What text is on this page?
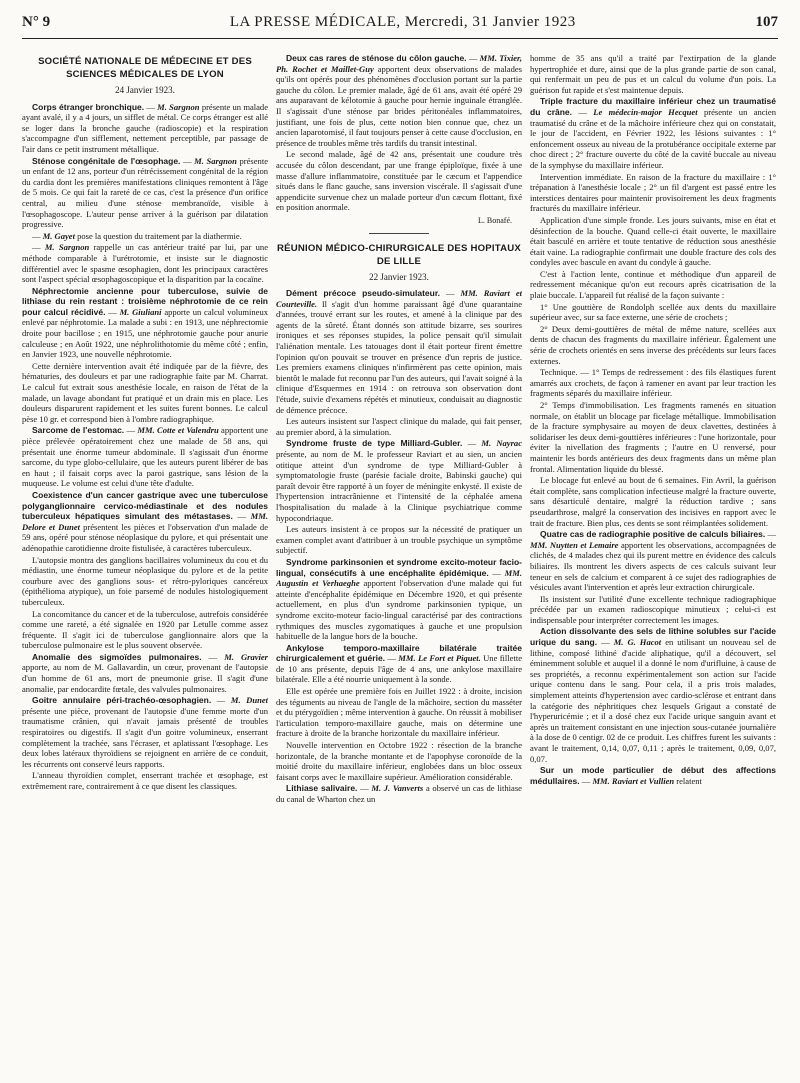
N° 9	LA PRESSE MÉDICALE, Mercredi, 31 Janvier 1923	107
SOCIÉTÉ NATIONALE DE MÉDECINE ET DES SCIENCES MÉDICALES DE LYON
24 Janvier 1923.

Corps étranger bronchique. — M. Sargnon présente un malade ayant avalé, il y a 4 jours, un sifflet de métal. Ce corps étranger est allé se loger dans la bronche gauche (radioscopie) et la respiration s'accompagne d'un sifflement, nettement perceptible, par passage de l'air dans ce petit instrument métallique.

Sténose congénitale de l'œsophage. — M. Sargnon présente un enfant de 12 ans, porteur d'un rétrécissement congénital de la région du cardia dont les premières manifestations cliniques remontent à l'âge de 5 mois. Ce qui fait la rareté de ce cas, c'est la présence d'un orifice central, au milieu d'une sténose membranoïde, visible à l'œsophagoscope. L'auteur pense arriver à la guérison par dilatation progressive.

— M. Gayet pose la question du traitement par la diathermie.

— M. Sargnon rappelle un cas antérieur traité par lui, par une méthode comparable à l'urétrotomie, et insiste sur le diagnostic différentiel avec le spasme œsophagien, dont les principaux caractères sont l'aspect spécial œsophagoscopique et la disparition par la cocaïne.

Néphrectomie ancienne pour tuberculose, suivie de lithiase du rein restant : troisième néphrotomie de ce rein pour calcul récidivé. — M. Giuliani apporte un calcul volumineux enlevé par néphrotomie. La malade a subi : en 1913, une néphrectomie droite pour bacillose ; en 1915, une néphrotomie gauche pour anurie calculeuse ; en Août 1922, une néphrolithotomie du même côté ; enfin, en Janvier 1923, une nouvelle néphrotomie.

Cette dernière intervention avait été indiquée par de la fièvre, des hématuries, des douleurs et par une radiographie faite par M. Charrat. Le calcul fut extrait sous anesthésie locale, en raison de l'état de la malade, un lavage abondant fut pratiqué et un drain mis en place. Les douleurs disparurent rapidement et les suites furent bonnes. Le calcul pèse 10 gr. et correspond bien à l'ombre radiographique.

Sarcome de l'estomac. — MM. Cotte et Valendru apportent une pièce prélevée opératoirement chez une malade de 58 ans, qui présentait une énorme tumeur abdominale. Il s'agissait d'un énorme sarcome, du type globo-cellulaire, que les auteurs purent libérer de bas en haut ; il faisait corps avec la paroi gastrique, sans lésion de la muqueuse. Le volume est celui d'une tête d'adulte.

Coexistence d'un cancer gastrique avec une tuberculose polyganglionnaire cervico-médiastinale et des nodules tuberculeux hépatiques simulant des métastases. — MM. Delore et Dunet présentent les pièces et l'observation d'un malade de 59 ans, opéré pour sténose néoplasique du pylore, et qui présentait une adénopathie carotidienne droite fistulisée, à caractères tuberculeux.

L'autopsie montra des ganglions bacillaires volumineux du cou et du médiastin, une énorme tumeur néoplasique du pylore et de la petite courbure avec des ganglions sous- et rétro-pyloriques cancéreux (épithélioma atypique), un foie parsemé de nodules histologiquement tuberculeux.

La concomitance du cancer et de la tuberculose, autrefois considérée comme une rareté, a été signalée en 1920 par Letulle comme assez fréquente. Il s'agit ici de tuberculose ganglionnaire alors que la tuberculose pulmonaire est le plus souvent observée.

Anomalie des sigmoïdes pulmonaires. — M. Gravier apporte, au nom de M. Gallavardin, un cœur, provenant de l'autopsie d'un homme de 61 ans, mort de pneumonie grise. Il s'agit d'une anomalie, par endocardite fœtale, des valvules pulmonaires.

Goitre annulaire péri-trachéo-œsophagien. — M. Dunet présente une pièce, provenant de l'autopsie d'une femme morte d'un traumatisme crânien, qui n'avait jamais présenté de troubles respiratoires ou digestifs. Il s'agit d'un goitre volumineux, enserrant complètement la trachée, sans l'écraser, et aplatissant l'œsophage. Les deux lobes latéraux thyroïdiens se rejoignent en arrière de ce conduit, les récurrents ont conservé leurs rapports.

L'anneau thyroïdien complet, enserrant trachée et œsophage, est extrêmement rare, contrairement à ce que disent les classiques.

Deux cas rares de sténose du côlon gauche. — MM. Tixier, Ph. Rochet et Maillet-Guy apportent deux observations de malades qu'ils ont opérés pour des phénomènes d'occlusion portant sur la partie gauche du côlon. Le premier malade, âgé de 61 ans, avait été opéré 29 ans auparavant de kélotomie à gauche pour hernie inguinale étranglée. Il s'agissait d'une sténose par brides péritonéales inflammatoires, justifiant, une fois de plus, cette notion bien connue que, chez un ancien laparotomisé, il faut toujours penser à cette cause d'occlusion, en présence de troubles même très tardifs du transit intestinal.

Le second malade, âgé de 42 ans, présentait une coudure très accusée du côlon descendant, par une frange épiploïque, fixée à une masse d'allure inflammatoire, constituée par le cæcum et l'appendice situés dans le flanc gauche, sans inversion viscérale. Il s'agissait d'une appendicite survenue chez un malade porteur d'un cæcum flottant, fixé en position anormale.

L. Bonafé.
RÉUNION MÉDICO-CHIRURGICALE DES HOPITAUX DE LILLE
22 Janvier 1923.

Dément précoce pseudo-simulateur. — MM. Raviart et Courteville. Il s'agit d'un homme paraissant âgé d'une quarantaine d'années, trouvé errant sur les routes, et amené à la clinique par des agents de la sûreté. Étant donnés son attitude bizarre, ses sourires ironiques et ses réponses stupides, la police pensait qu'il simulait l'aliénation mentale. Les tatouages dont il était porteur firent émettre l'opinion qu'on pouvait se trouver en présence d'un repris de justice. Les premiers examens cliniques n'infirmèrent pas cette opinion, mais bientôt le malade fut reconnu par l'un des auteurs, qui l'avait soigné à la clinique d'Esquermes en 1914 : on retrouva son observation dont l'étude, suivie d'examens répétés et minutieux, conduisait au diagnostic de démence précoce.

Les auteurs insistent sur l'aspect clinique du malade, qui fait penser, au premier abord, à la simulation.

Syndrome fruste de type Milliard-Gubler. — M. Nayrac présente, au nom de M. le professeur Raviart et au sien, un ancien otitique atteint d'un syndrome de type Milliard-Gubler à symptomatologie fruste (parésie faciale droite, Babinski gauche) qui paraît devoir être rapporté à un foyer de méningite enkysté. Il existe de l'hypertension intracrânienne et l'intensité de la céphalée amena l'hospitalisation du malade à la Clinique psychiatrique comme hypocondriaque.

Les auteurs insistent à ce propos sur la nécessité de pratiquer un examen complet avant d'attribuer à un trouble psychique un symptôme subjectif.

Syndrome parkinsonien et syndrome excito-moteur facio-lingual, consécutifs à une encéphalite épidémique. — MM. Augustin et Verhaeghe apportent l'observation d'une malade qui fut atteinte d'encéphalite épidémique en Décembre 1920, et qui présente actuellement, en plus d'un syndrome parkinsonien typique, un syndrome excito-moteur facio-lingual caractérisé par des contractions rythmiques des muscles zygomatiques à gauche et une propulsion habituelle de la langue hors de la bouche.

Ankylose temporo-maxillaire bilatérale traitée chirurgicalement et guérie. — MM. Le Fort et Piquet. Une fillette de 10 ans présente, depuis l'âge de 4 ans, une ankylose maxillaire bilatérale. Elle a été nourrie uniquement à la sonde.

Elle est opérée une première fois en Juillet 1922 : à droite, incision des téguments au niveau de l'angle de la mâchoire, section du masséter et du ptérygoïdien ; même intervention à gauche. On réussit à mobiliser l'articulation temporo-maxillaire gauche, mais on détermine une fracture à droite de la branche horizontale du maxillaire inférieur.

Nouvelle intervention en Octobre 1922 : résection de la branche horizontale, de la branche montante et de l'apophyse coronoïde de la moitié droite du maxillaire inférieur, englobées dans un bloc osseux faisant corps avec le maxillaire supérieur. Amélioration considérable.

Lithiase salivaire. — M. J. Vanverts a observé un cas de lithiase du canal de Wharton chez un

homme de 35 ans qu'il a traité par l'extirpation de la glande hypertrophiée et dure, ainsi que de la plus grande partie de son canal, qui renfermait un peu de pus et un calcul du volume d'un pois. La guérison fut rapide et s'est maintenue depuis.

Triple fracture du maxillaire inférieur chez un traumatisé du crâne. — Le médecin-major Hecquet présente un ancien traumatisé du crâne et de la mâchoire inférieure chez qui on constatait, le jour de l'accident, en Février 1922, les lésions suivantes : 1° enfoncement osseux au niveau de la protubérance occipitale externe par choc direct ; 2° fracture ouverte du côté de la cavité buccale au niveau de la symphyse du maxillaire inférieur.

Intervention immédiate. En raison de la fracture du maxillaire : 1° trépanation à l'anesthésie locale ; 2° un fil d'argent est passé entre les interstices dentaires pour maintenir provisoirement les deux fragments fracturés du maxillaire inférieur.

Application d'une simple fronde. Les jours suivants, mise en état et désinfection de la bouche. Quand celle-ci était ouverte, le maxillaire était basculé en arrière et toute tentative de réduction sous anesthésie était vaine. La radiographie confirmait une double fracture des cols des condyles avec bascule en avant du condyle à gauche.

C'est à l'action lente, continue et méthodique d'un appareil de redressement mécanique qu'on eut recours après cicatrisation de la plaie buccale. L'appareil fut réalisé de la façon suivante :

1° Une gouttière de Rondolph scellée aux dents du maxillaire supérieur avec, sur sa face externe, une série de crochets ;

2° Deux demi-gouttières de métal de même nature, scellées aux dents de chacun des fragments du maxillaire inférieur. Également une série de crochets orientés en sens inverse des précédents sur leurs faces externes.

Technique. — 1° Temps de redressement : des fils élastiques furent amarrés aux crochets, de façon à ramener en avant par leur traction les fragments séparés du maxillaire inférieur.

2° Temps d'immobilisation. Les fragments ramenés en situation normale, on établit un blocage par ficelage métallique. Immobilisation de la fracture symphysaire au moyen de deux clavettes, destinées à solidariser les deux demi-gouttières inférieures : l'une horizontale, pour éviter la nivellation des fragments ; l'autre en U renversé, pour maintenir les bords antérieurs des deux fragments dans un même plan frontal. Alimentation liquide du blessé.

Le blocage fut enlevé au bout de 6 semaines. Fin Avril, la guérison était complète, sans complication infectieuse malgré la fracture ouverte, sans désarticulé dentaire, malgré la réduction tardive ; sans pseudarthrose, malgré la conservation des incisives en rapport avec le trait de fracture. Bien plus, ces dents se sont réimplantées solidement.

Quatre cas de radiographie positive de calculs biliaires. — MM. Nuytten et Lemaire apportent les observations, accompagnées de clichés, de 4 malades chez qui ils purent mettre en évidence des calculs biliaires. Ils montrent les divers aspects de ces calculs suivant leur teneur en sels de calcium et comparent à ce sujet des radiographies de vésicules avant l'intervention et après leur extraction chirurgicale.

Ils insistent sur l'utilité d'une excellente technique radiographique précédée par un examen radioscopique minutieux ; celui-ci est indispensable pour interpréter correctement les images.

Action dissolvante des sels de lithine solubles sur l'acide urique du sang. — M. G. Hacot en utilisant un nouveau sel de lithine, composé lithiné d'acide aliphatique, qu'il a découvert, sel éminemment soluble et auquel il a donné le nom d'urifluine, à cause de ses propriétés, a reconnu expérimentalement son action sur l'acide urique contenu dans le sang. Pour cela, il a pris trois malades, simplement atteints d'hypertension avec cardio-sclérose et entrant dans la catégorie des néphritiques chez lesquels Grigaut a constaté de l'hyperuricémie ; et il a dosé chez eux l'acide urique sanguin avant et après un traitement consistant en une injection sous-cutanée journalière à la dose de 0 centigr. 02 de ce produit. Les chiffres furent les suivants : avant le traitement, 0,14, 0,07, 0,11 ; après le traitement, 0,09, 0,07, 0,07.

Sur un mode particulier de début des affections médullaires. — MM. Raviart et Vullien relatent
